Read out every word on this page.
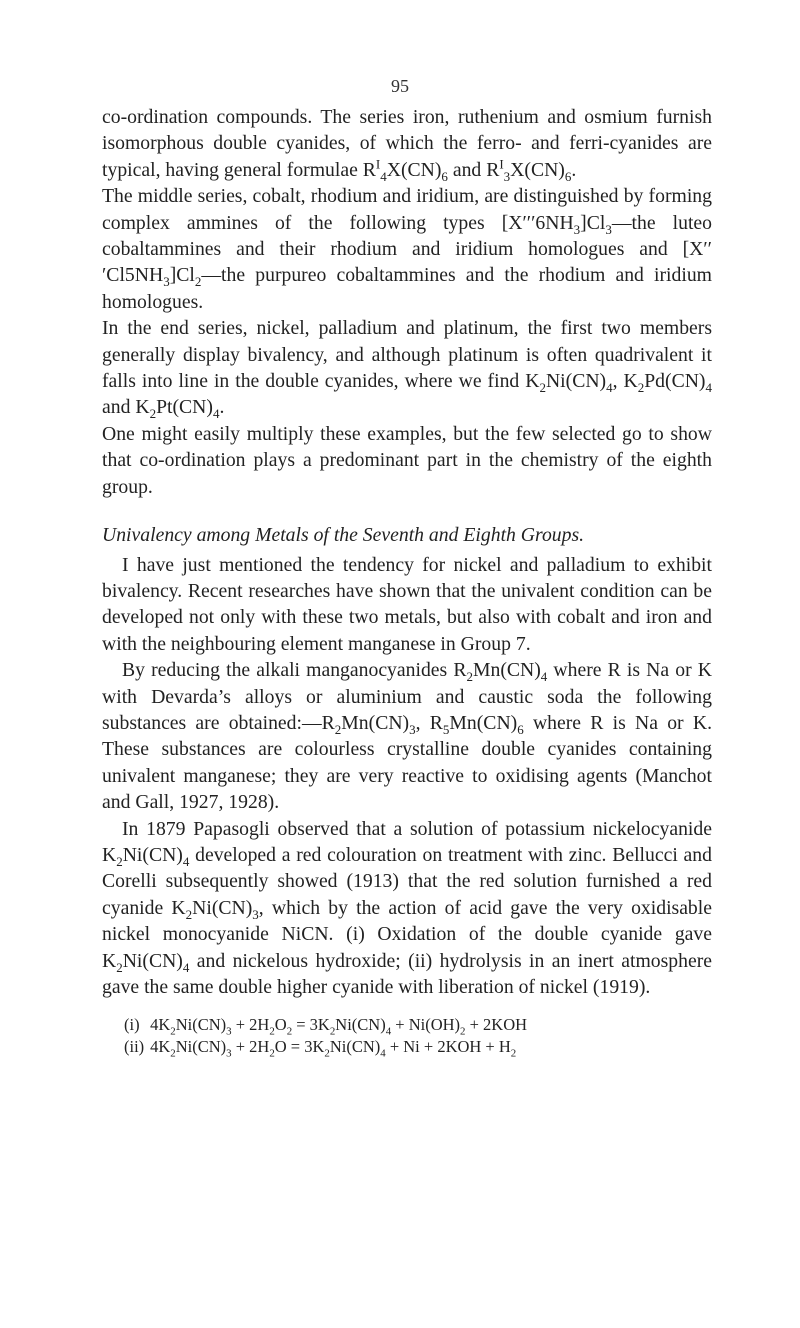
95

co-ordination compounds. The series iron, ruthenium and osmium furnish isomorphous double cyanides, of which the ferro- and ferri-cyanides are typical, having general formulae $R^I_4X(CN)_6$ and $R^I_3X(CN)_6$.

The middle series, cobalt, rhodium and iridium, are distinguished by forming complex ammines of the following types $[X'''6NH_3]Cl_3—the$ luteo cobaltammines and their rhodium and iridium homologues and $[X'''Cl5NH_3]Cl_2—the$ purpureo cobaltammines and the rhodium and iridium homologues.

In the end series, nickel, palladium and platinum, the first two members generally display bivalency, and although platinum is often quadrivalent it falls into line in the double cyanides, where we find $K_2Ni(CN)_4$, $K_2Pd(CN)_4$ and $K_2Pt(CN)_4$.

One might easily multiply these examples, but the few selected go to show that co-ordination plays a predominant part in the chemistry of the eighth group.

Univalency among Metals of the Seventh and Eighth Groups.

I have just mentioned the tendency for nickel and palladium to exhibit bivalency. Recent researches have shown that the univalent condition can be developed not only with these two metals, but also with cobalt and iron and with the neighbouring element manganese in Group 7.

By reducing the alkali manganocyanides $R_2Mn(CN)_4$ where R is Na or K with Devarda’s alloys or aluminium and caustic soda the following substances are $obtained:—R_2Mn(CN)_3$, $R_5Mn(CN)_6$ where R is Na or K. These substances are colourless crystalline double cyanides containing univalent manganese; they are very reactive to oxidising agents (Manchot and Gall, 1927, 1928).

In 1879 Papasogli observed that a solution of potassium nickelocyanide $K_2Ni(CN)_4$ developed a red colouration on treatment with zinc. Bellucci and Corelli subsequently showed (1913) that the red solution furnished a red cyanide $K_2Ni(CN)_3$, which by the action of acid gave the very oxidisable nickel monocyanide NiCN. (i) Oxidation of the double cyanide gave $K_2Ni(CN)_4$ and nickelous hydroxide; (ii) hydrolysis in an inert atmosphere gave the same double higher cyanide with liberation of nickel (1919).

(i) $4K_2Ni(CN)_3 + 2H_2O_2 = 3K_2Ni(CN)_4 + Ni(OH)_2 + 2KOH$
(ii) $4K_2Ni(CN)_3 + 2H_2O = 3K_2Ni(CN)_4 + Ni + 2KOH + H_2$
